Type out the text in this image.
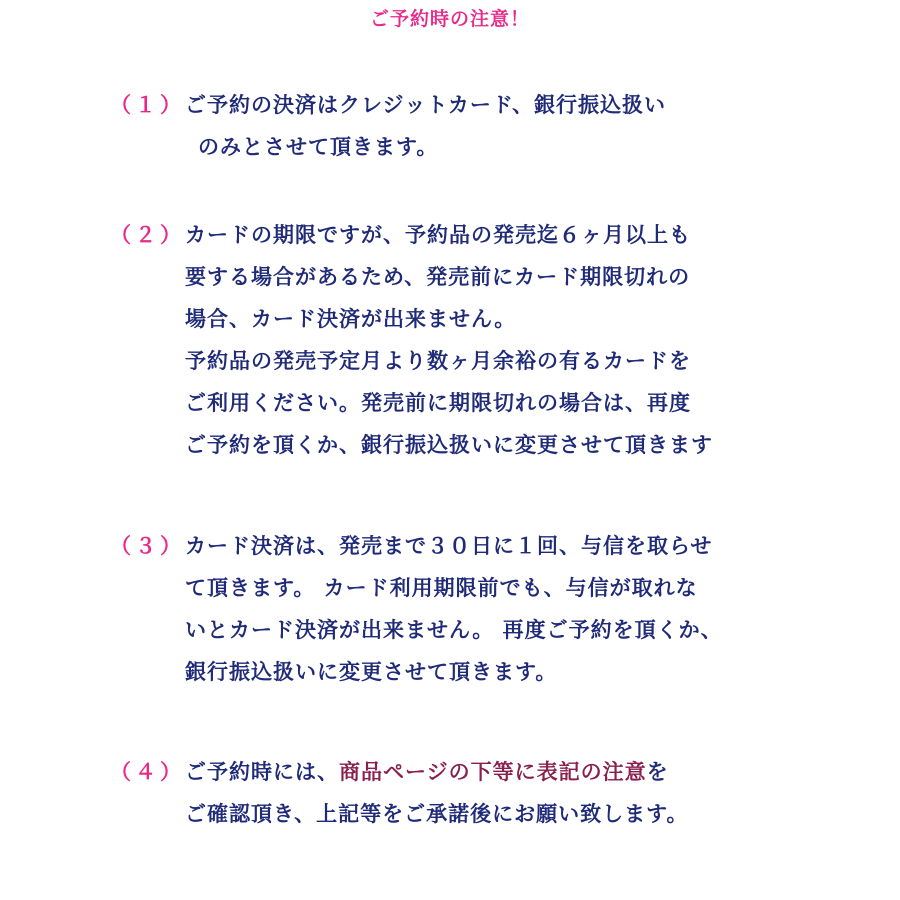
ご予約時の注意！
（１） ご予約の決済はクレジットカード、銀行振込扱い
のみとさせて頂きます。
（２） カードの期限ですが、予約品の発売迄６ヶ月以上も
要する場合があるため、発売前にカード期限切れの
場合、カード決済が出来ません。
予約品の発売予定月より数ヶ月余裕の有るカードを
ご利用ください。発売前に期限切れの場合は、再度
ご予約を頂くか、銀行振込扱いに変更させて頂きます
（３） カード決済は、発売まで３０日に１回、与信を取らせ
て頂きます。 カード利用期限前でも、与信が取れな
いとカード決済が出来ません。 再度ご予約を頂くか、
銀行振込扱いに変更させて頂きます。
（４） ご予約時には、商品ページの下等に表記の注意を
ご確認頂き、上記等をご承諾後にお願い致します。
